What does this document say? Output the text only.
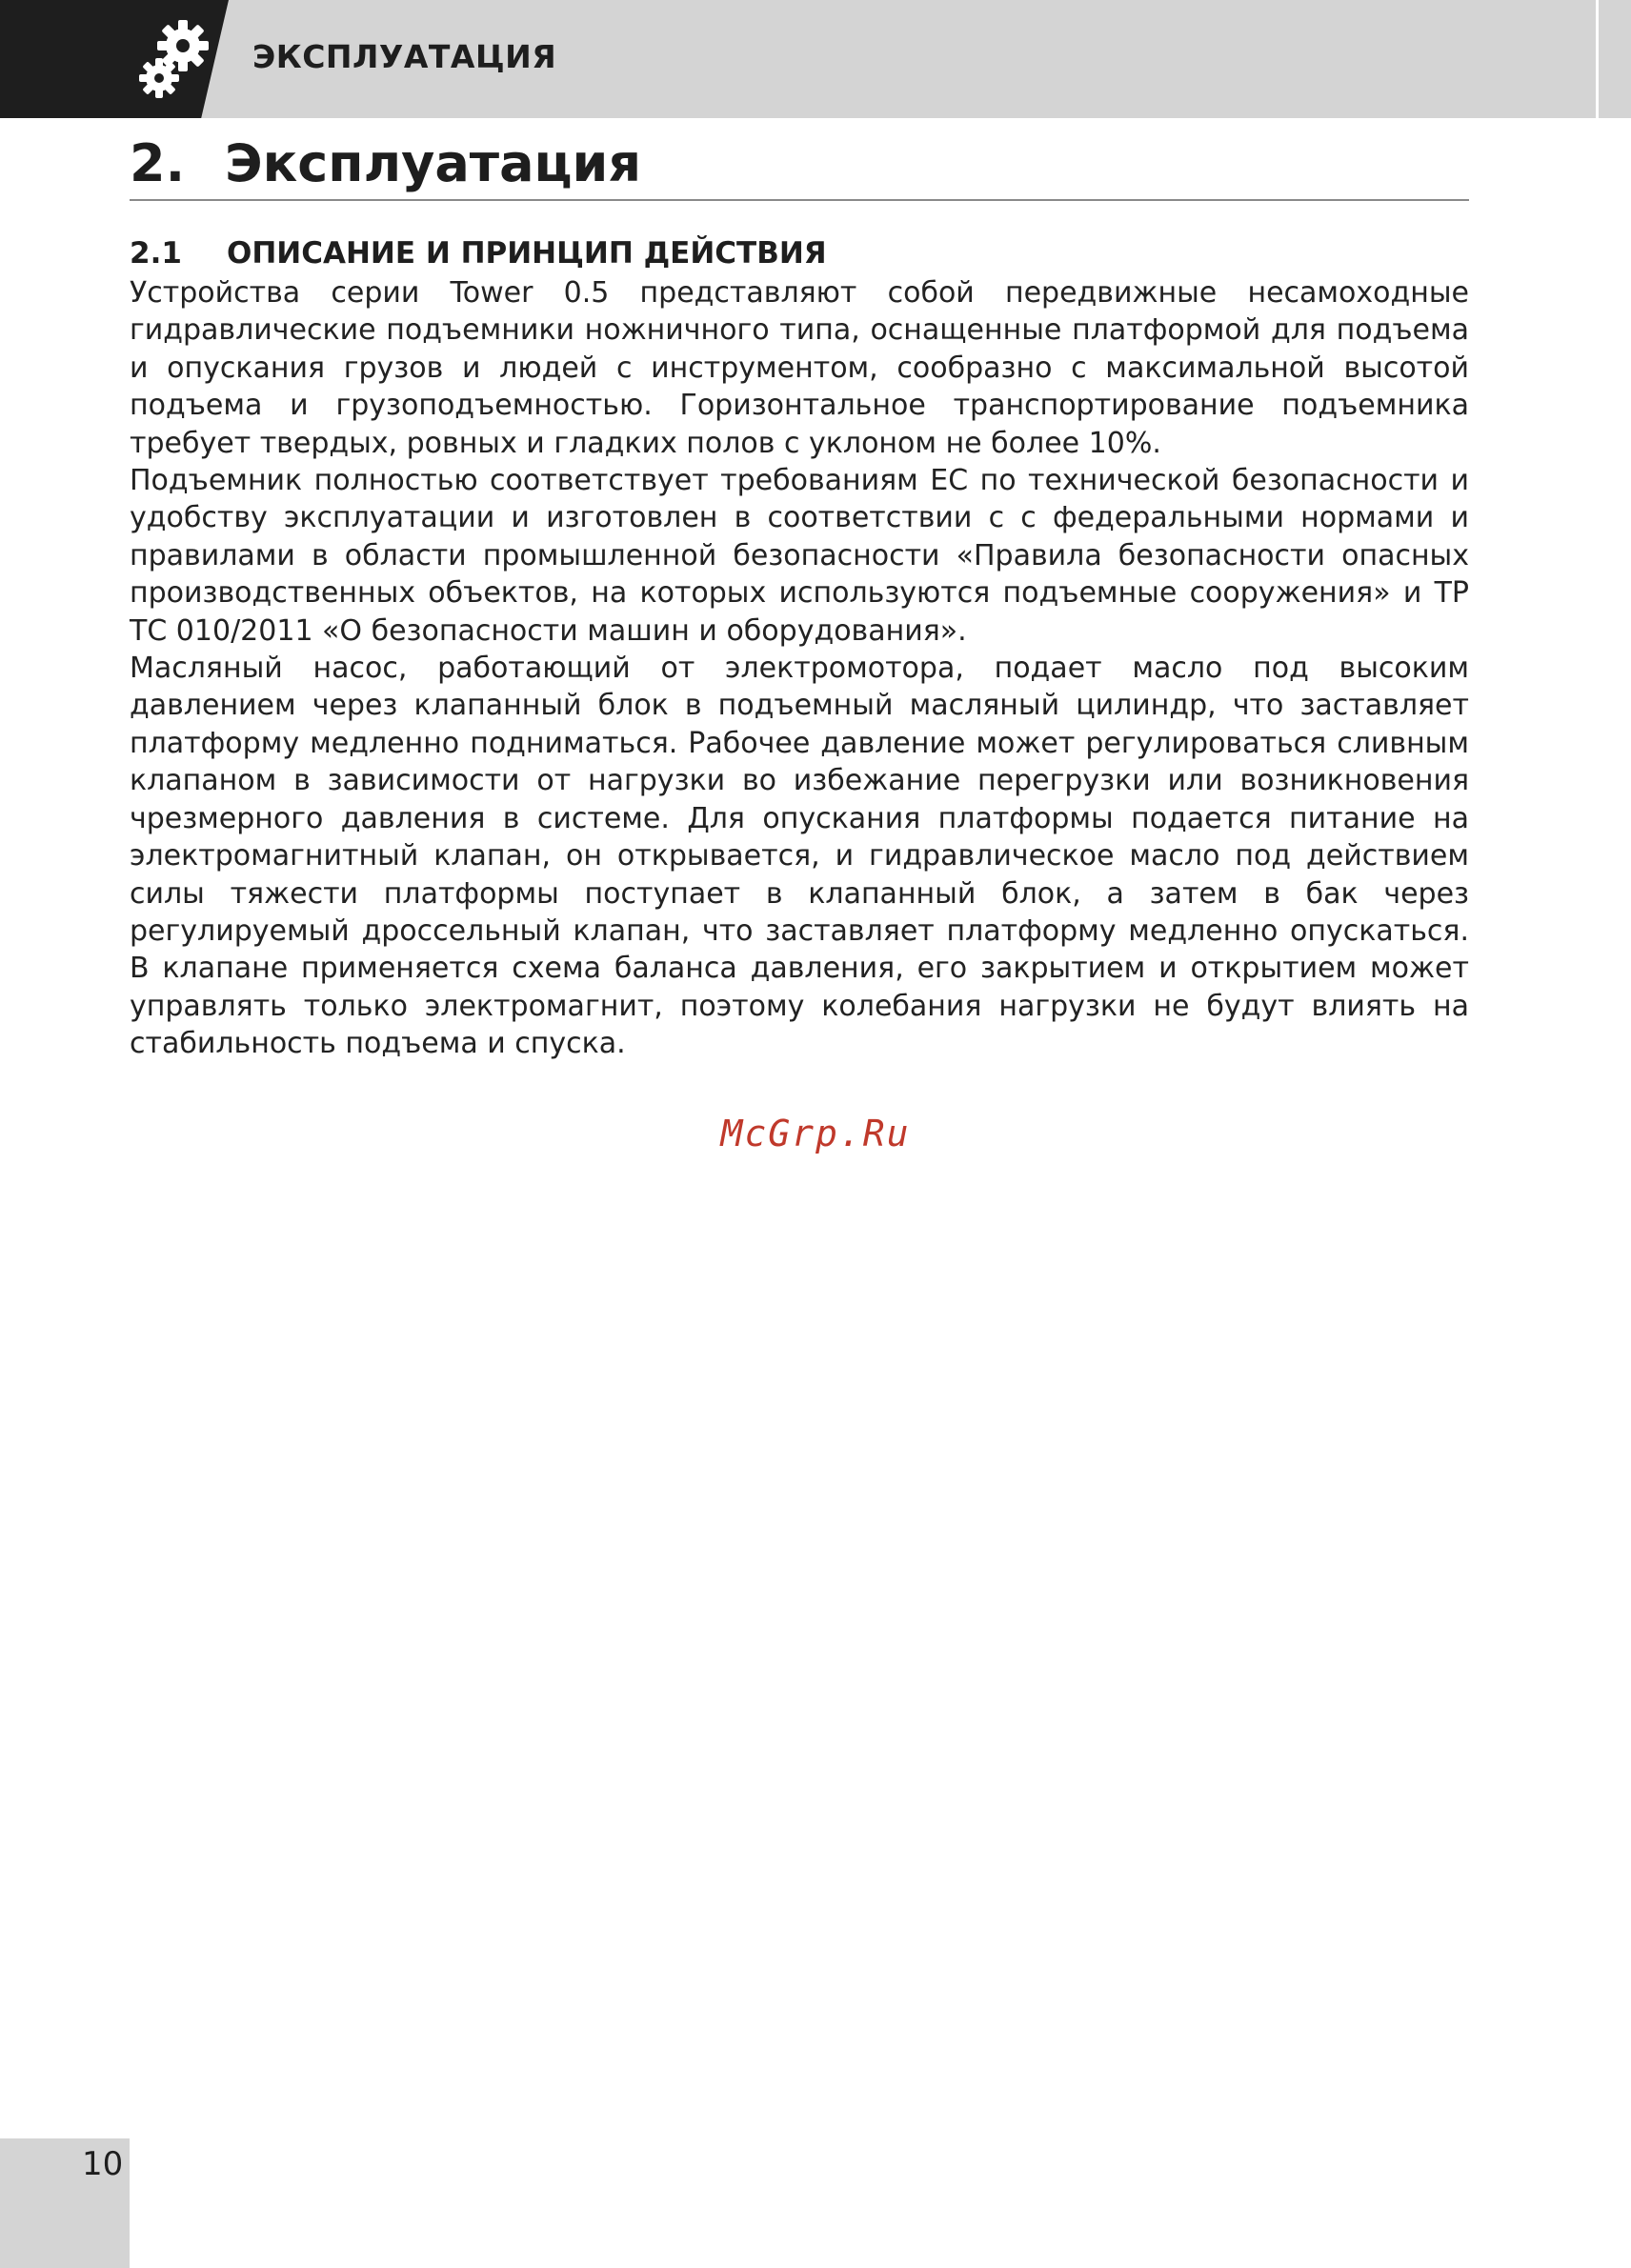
ЭКСПЛУАТАЦИЯ
2. Эксплуатация
2.1 ОПИСАНИЕ И ПРИНЦИП ДЕЙСТВИЯ

Устройства серии Tower 0.5 представляют собой передвижные несамоходные гидравлические подъемники ножничного типа, оснащенные платформой для подъема и опускания грузов и людей с инструментом, сообразно с максимальной высотой подъема и грузоподъемностью. Горизонтальное транспортирование подъемника требует твердых, ровных и гладких полов с уклоном не более 10%.

Подъемник полностью соответствует требованиям ЕС по технической безопасности и удобству эксплуатации и изготовлен в соответствии с с федеральными нормами и правилами в области промышленной безопасности «Правила безопасности опасных производственных объектов, на которых используются подъемные сооружения» и ТР ТС 010/2011 «О безопасности машин и оборудования».

Масляный насос, работающий от электромотора, подает масло под высоким давлением через клапанный блок в подъемный масляный цилиндр, что заставляет платформу медленно подниматься. Рабочее давление может регулироваться сливным клапаном в зависимости от нагрузки во избежание перегрузки или возникновения чрезмерного давления в системе. Для опускания платформы подается питание на электромагнитный клапан, он открывается, и гидравлическое масло под действием силы тяжести платформы поступает в клапанный блок, а затем в бак через регулируемый дроссельный клапан, что заставляет платформу медленно опускаться. В клапане применяется схема баланса давления, его закрытием и открытием может управлять только электромагнит, поэтому колебания нагрузки не будут влиять на стабильность подъема и спуска.

McGrp.Ru
10
